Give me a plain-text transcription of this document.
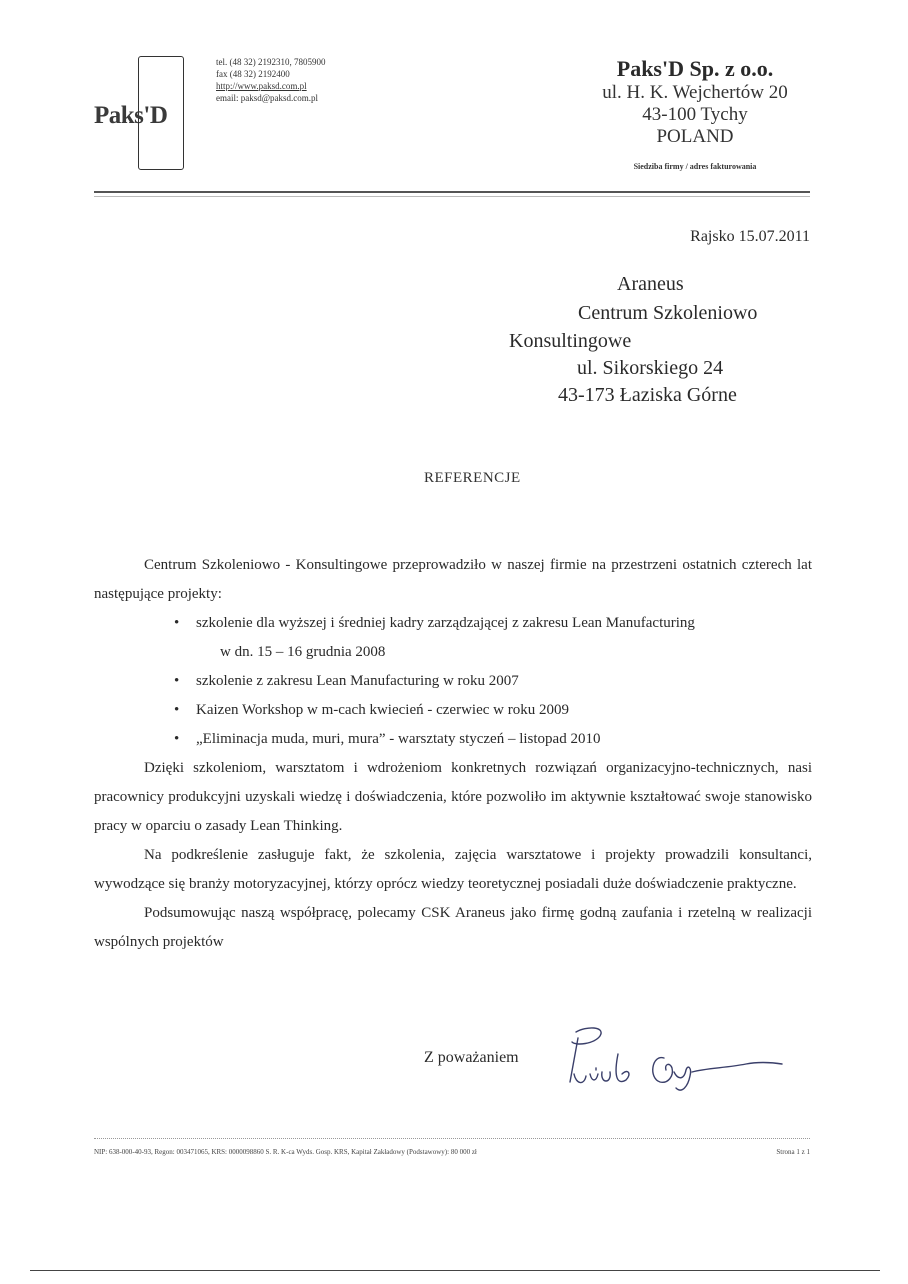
Paks'D
tel. (48 32) 2192310, 7805900
fax (48 32) 2192400
http://www.paksd.com.pl
email: paksd@paksd.com.pl
Paks'D Sp. z o.o.
ul. H. K. Wejchertów 20
43-100 Tychy
POLAND
Siedziba firmy / adres fakturowania
Rajsko 15.07.2011
Araneus
Centrum Szkoleniowo
Konsultingowe
ul. Sikorskiego 24
43-173 Łaziska Górne
REFERENCJE

Centrum Szkoleniowo - Konsultingowe przeprowadziło w naszej firmie na przestrzeni ostatnich czterech lat następujące projekty:

• szkolenie dla wyższej i średniej kadry zarządzającej z zakresu Lean Manufacturing
w dn. 15 – 16 grudnia 2008
• szkolenie z zakresu Lean Manufacturing w roku 2007
• Kaizen Workshop w m-cach kwiecień - czerwiec w roku 2009
• „Eliminacja muda, muri, mura” - warsztaty styczeń – listopad 2010

Dzięki szkoleniom, warsztatom i wdrożeniom konkretnych rozwiązań organizacyjno-technicznych, nasi pracownicy produkcyjni uzyskali wiedzę i doświadczenia, które pozwoliło im aktywnie kształtować swoje stanowisko pracy w oparciu o zasady Lean Thinking.

Na podkreślenie zasługuje fakt, że szkolenia, zajęcia warsztatowe i projekty prowadzili konsultanci, wywodzące się branży motoryzacyjnej, którzy oprócz wiedzy teoretycznej posiadali duże doświadczenie praktyczne.

Podsumowując naszą współpracę, polecamy CSK Araneus jako firmę godną zaufania i rzetelną w realizacji wspólnych projektów

Z poważaniem
NIP: 638-000-40-93, Regon: 003471065, KRS: 0000098860 S. R. K-ca Wyds. Gosp. KRS, Kapitał Zakładowy (Podstawowy): 80 000 zł	Strona 1 z 1
